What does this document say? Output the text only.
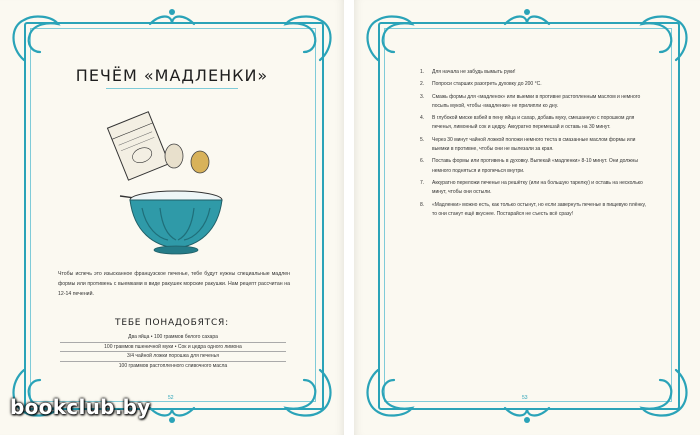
ПЕЧЁМ «МАДЛЕНКИ»
Чтобы испечь это изысканное французское печенье, тебе будут нужны специальные мадлен формы или противень с выемками в виде ракушек морские ракушки. Нам рецепт рассчитан на 12-14 печений.
ТЕБЕ ПОНАДОБЯТСЯ:
Два яйца • 100 граммов белого сахара
100 граммов пшеничной муки • Сок и цедра одного лимона
3/4 чайной ложки порошка для печенья
100 граммов растопленного сливочного масла
52
1. Для начала не забудь вымыть руки!
2. Попроси старших разогреть духовку до 200 °С.
3. Смажь формы для «мадленок» или выемки в противне растопленным маслом и немного посыпь мукой, чтобы «мадленки» не прилипли ко дну.
4. В глубокой миске взбей в пену яйца и сахар, добавь муку, смешанную с порошком для печенья, лимонный сок и цедру. Аккуратно перемешай и оставь на 30 минут.
5. Через 30 минут чайной ложкой положи немного теста в смазанные маслом формы или выемки в противне, чтобы они не вылезали за края.
6. Поставь формы или противень в духовку. Выпекай «мадленки» 8-10 минут. Они должны немного подняться и пропечься внутри.
7. Аккуратно переложи печенье на решётку (или на большую тарелку) и оставь на несколько минут, чтобы они остыли.
8. «Мадленки» можно есть, как только остынут, но если завернуть печенье в пищевую плёнку, то они станут ещё вкуснее. Постарайся не съесть всё сразу!
53
bookclub.by
